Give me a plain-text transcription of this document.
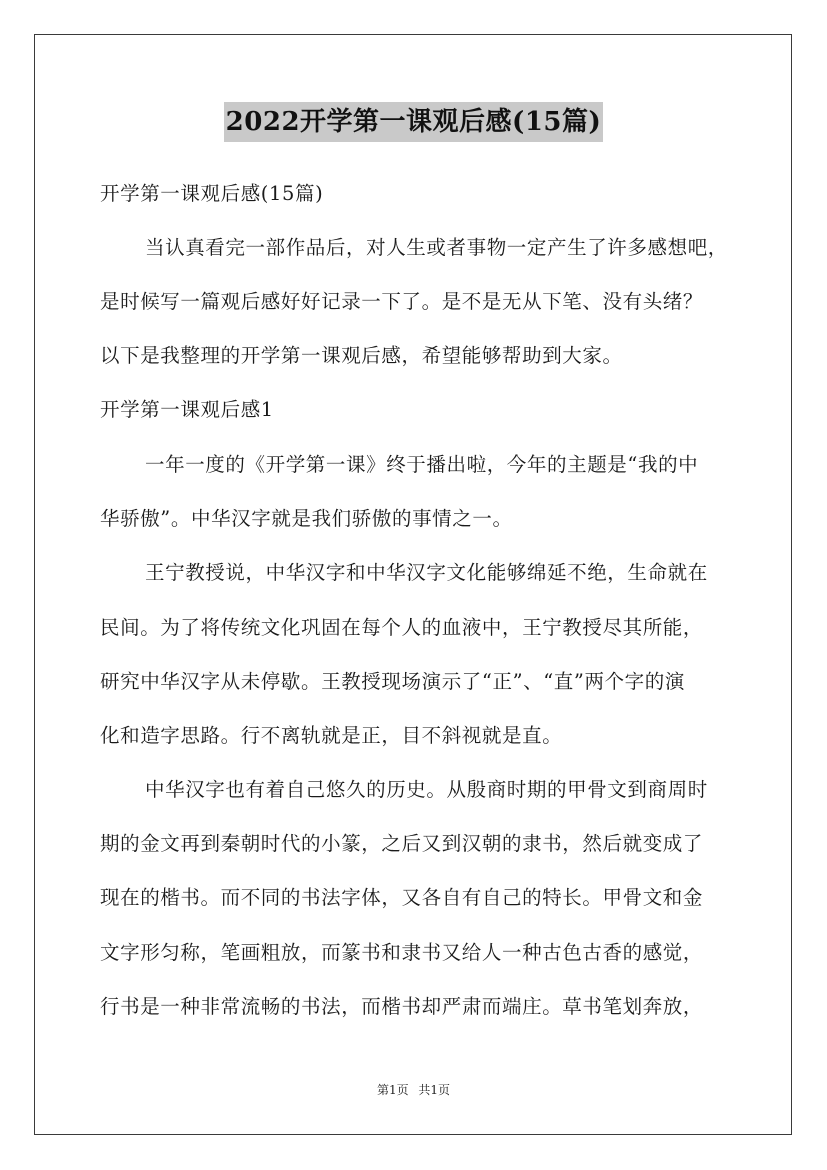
2022开学第一课观后感(15篇)

开学第一课观后感(15篇)

当认真看完一部作品后，对人生或者事物一定产生了许多感想吧，

是时候写一篇观后感好好记录一下了。是不是无从下笔、没有头绪？

以下是我整理的开学第一课观后感，希望能够帮助到大家。

开学第一课观后感1

一年一度的《开学第一课》终于播出啦，今年的主题是“我的中

华骄傲”。中华汉字就是我们骄傲的事情之一。

王宁教授说，中华汉字和中华汉字文化能够绵延不绝，生命就在

民间。为了将传统文化巩固在每个人的血液中，王宁教授尽其所能，

研究中华汉字从未停歇。王教授现场演示了“正”、“直”两个字的演

化和造字思路。行不离轨就是正，目不斜视就是直。

中华汉字也有着自己悠久的历史。从殷商时期的甲骨文到商周时

期的金文再到秦朝时代的小篆，之后又到汉朝的隶书，然后就变成了

现在的楷书。而不同的书法字体，又各自有自己的特长。甲骨文和金

文字形匀称，笔画粗放，而篆书和隶书又给人一种古色古香的感觉，

行书是一种非常流畅的书法，而楷书却严肃而端庄。草书笔划奔放，

第1页 共1页
